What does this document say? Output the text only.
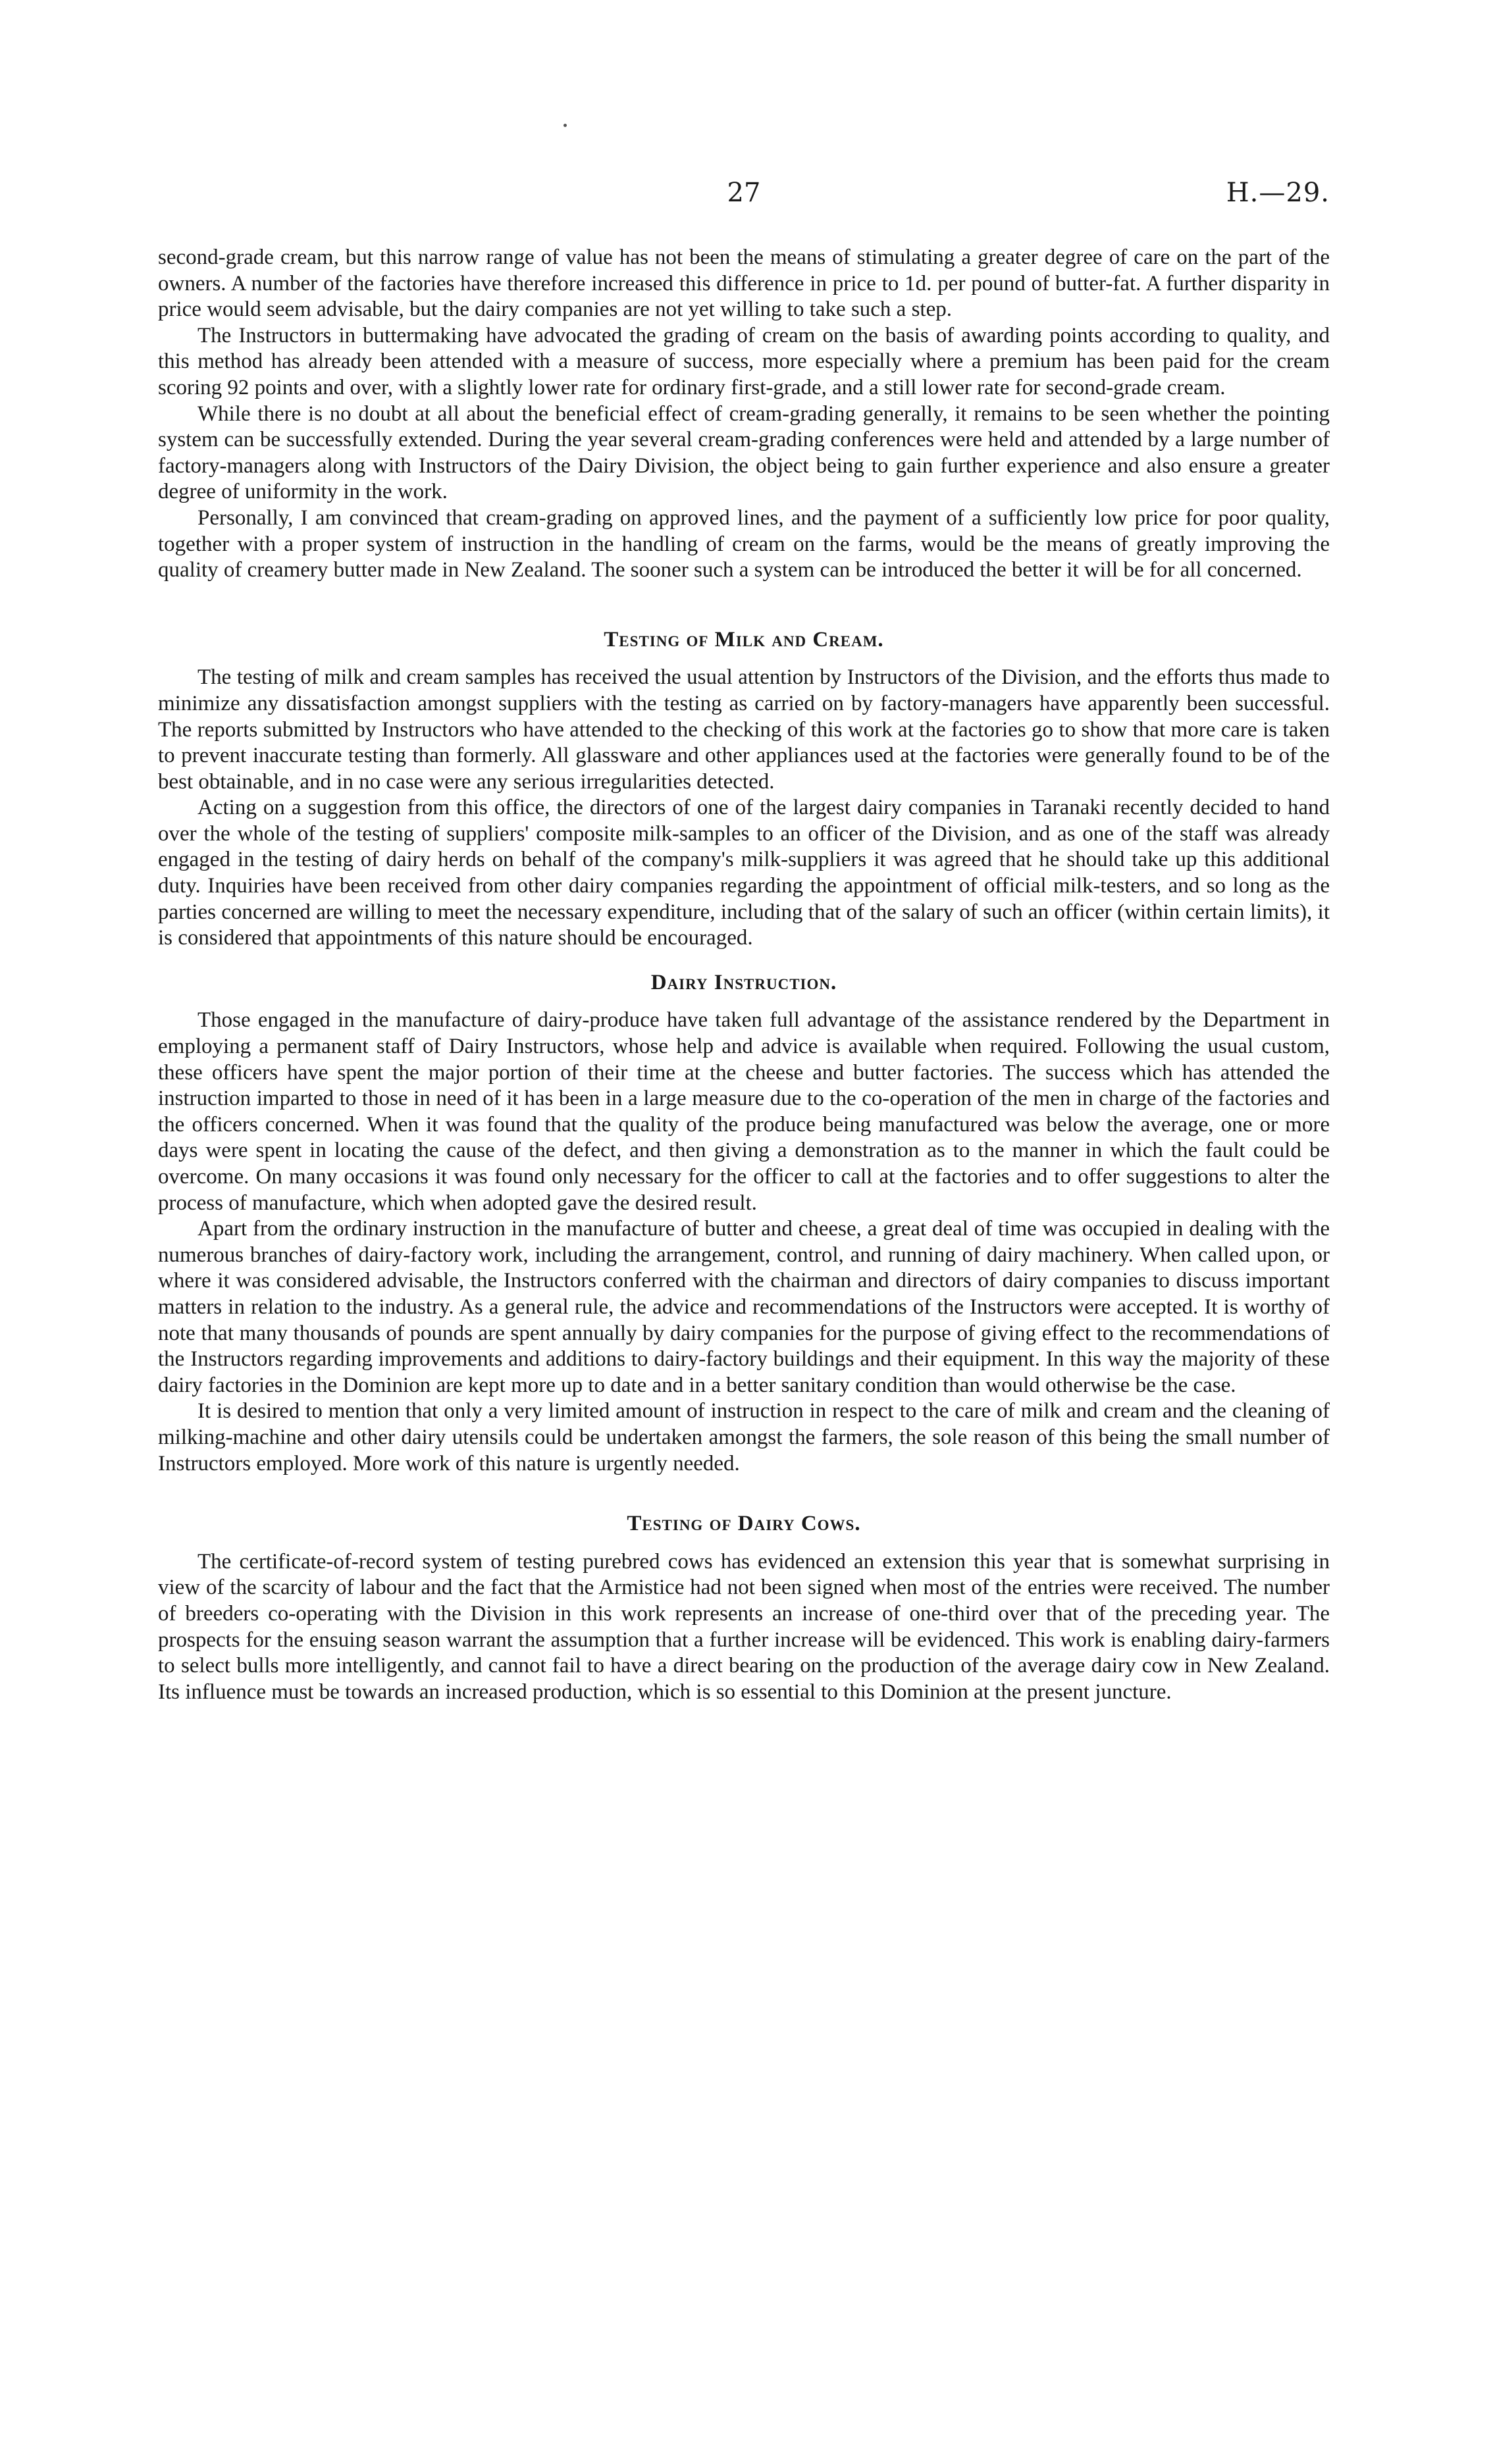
27	H.—29.

second-grade cream, but this narrow range of value has not been the means of stimulating a greater degree of care on the part of the owners. A number of the factories have therefore increased this difference in price to 1d. per pound of butter-fat. A further disparity in price would seem advisable, but the dairy companies are not yet willing to take such a step.

The Instructors in buttermaking have advocated the grading of cream on the basis of awarding points according to quality, and this method has already been attended with a measure of success, more especially where a premium has been paid for the cream scoring 92 points and over, with a slightly lower rate for ordinary first-grade, and a still lower rate for second-grade cream.

While there is no doubt at all about the beneficial effect of cream-grading generally, it remains to be seen whether the pointing system can be successfully extended. During the year several cream-grading conferences were held and attended by a large number of factory-managers along with Instructors of the Dairy Division, the object being to gain further experience and also ensure a greater degree of uniformity in the work.

Personally, I am convinced that cream-grading on approved lines, and the payment of a sufficiently low price for poor quality, together with a proper system of instruction in the handling of cream on the farms, would be the means of greatly improving the quality of creamery butter made in New Zealand. The sooner such a system can be introduced the better it will be for all concerned.

Testing of Milk and Cream.

The testing of milk and cream samples has received the usual attention by Instructors of the Division, and the efforts thus made to minimize any dissatisfaction amongst suppliers with the testing as carried on by factory-managers have apparently been successful. The reports submitted by Instructors who have attended to the checking of this work at the factories go to show that more care is taken to prevent inaccurate testing than formerly. All glassware and other appliances used at the factories were generally found to be of the best obtainable, and in no case were any serious irregularities detected.

Acting on a suggestion from this office, the directors of one of the largest dairy companies in Taranaki recently decided to hand over the whole of the testing of suppliers' composite milk-samples to an officer of the Division, and as one of the staff was already engaged in the testing of dairy herds on behalf of the company's milk-suppliers it was agreed that he should take up this additional duty. Inquiries have been received from other dairy companies regarding the appointment of official milk-testers, and so long as the parties concerned are willing to meet the necessary expenditure, including that of the salary of such an officer (within certain limits), it is considered that appointments of this nature should be encouraged.

Dairy Instruction.

Those engaged in the manufacture of dairy-produce have taken full advantage of the assistance rendered by the Department in employing a permanent staff of Dairy Instructors, whose help and advice is available when required. Following the usual custom, these officers have spent the major portion of their time at the cheese and butter factories. The success which has attended the instruction imparted to those in need of it has been in a large measure due to the co-operation of the men in charge of the factories and the officers concerned. When it was found that the quality of the produce being manufactured was below the average, one or more days were spent in locating the cause of the defect, and then giving a demonstration as to the manner in which the fault could be overcome. On many occasions it was found only necessary for the officer to call at the factories and to offer suggestions to alter the process of manufacture, which when adopted gave the desired result.

Apart from the ordinary instruction in the manufacture of butter and cheese, a great deal of time was occupied in dealing with the numerous branches of dairy-factory work, including the arrangement, control, and running of dairy machinery. When called upon, or where it was considered advisable, the Instructors conferred with the chairman and directors of dairy companies to discuss important matters in relation to the industry. As a general rule, the advice and recommendations of the Instructors were accepted. It is worthy of note that many thousands of pounds are spent annually by dairy companies for the purpose of giving effect to the recommendations of the Instructors regarding improvements and additions to dairy-factory buildings and their equipment. In this way the majority of these dairy factories in the Dominion are kept more up to date and in a better sanitary condition than would otherwise be the case.

It is desired to mention that only a very limited amount of instruction in respect to the care of milk and cream and the cleaning of milking-machine and other dairy utensils could be undertaken amongst the farmers, the sole reason of this being the small number of Instructors employed. More work of this nature is urgently needed.

Testing of Dairy Cows.

The certificate-of-record system of testing purebred cows has evidenced an extension this year that is somewhat surprising in view of the scarcity of labour and the fact that the Armistice had not been signed when most of the entries were received. The number of breeders co-operating with the Division in this work represents an increase of one-third over that of the preceding year. The prospects for the ensuing season warrant the assumption that a further increase will be evidenced. This work is enabling dairy-farmers to select bulls more intelligently, and cannot fail to have a direct bearing on the production of the average dairy cow in New Zealand. Its influence must be towards an increased production, which is so essential to this Dominion at the present juncture.
